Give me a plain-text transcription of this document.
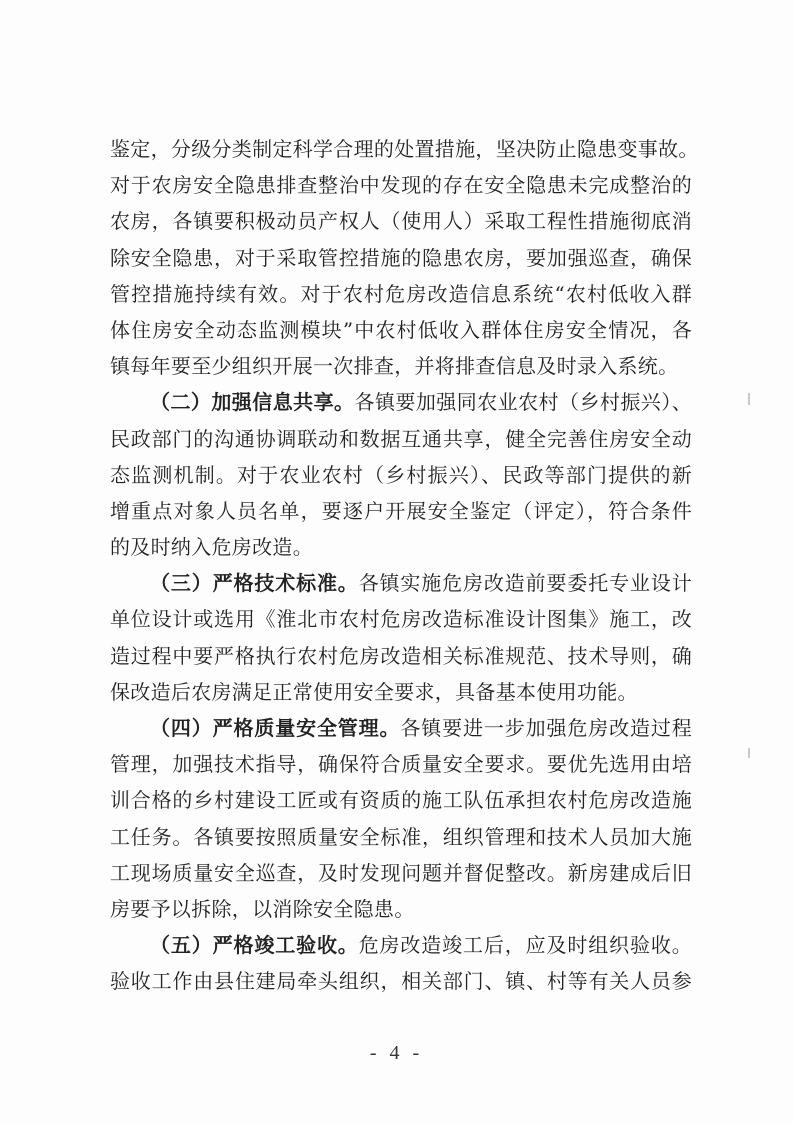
鉴定，分级分类制定科学合理的处置措施，坚决防止隐患变事故。
对于农房安全隐患排查整治中发现的存在安全隐患未完成整治的
农房，各镇要积极动员产权人（使用人）采取工程性措施彻底消
除安全隐患，对于采取管控措施的隐患农房，要加强巡查，确保
管控措施持续有效。对于农村危房改造信息系统“农村低收入群
体住房安全动态监测模块”中农村低收入群体住房安全情况，各
镇每年要至少组织开展一次排查，并将排查信息及时录入系统。
（二）加强信息共享。各镇要加强同农业农村（乡村振兴）、
民政部门的沟通协调联动和数据互通共享，健全完善住房安全动
态监测机制。对于农业农村（乡村振兴）、民政等部门提供的新
增重点对象人员名单，要逐户开展安全鉴定（评定），符合条件
的及时纳入危房改造。
（三）严格技术标准。各镇实施危房改造前要委托专业设计
单位设计或选用《淮北市农村危房改造标准设计图集》施工，改
造过程中要严格执行农村危房改造相关标准规范、技术导则，确
保改造后农房满足正常使用安全要求，具备基本使用功能。
（四）严格质量安全管理。各镇要进一步加强危房改造过程
管理，加强技术指导，确保符合质量安全要求。要优先选用由培
训合格的乡村建设工匠或有资质的施工队伍承担农村危房改造施
工任务。各镇要按照质量安全标准，组织管理和技术人员加大施
工现场质量安全巡查，及时发现问题并督促整改。新房建成后旧
房要予以拆除，以消除安全隐患。
（五）严格竣工验收。危房改造竣工后，应及时组织验收。
验收工作由县住建局牵头组织，相关部门、镇、村等有关人员参
- 4 -
